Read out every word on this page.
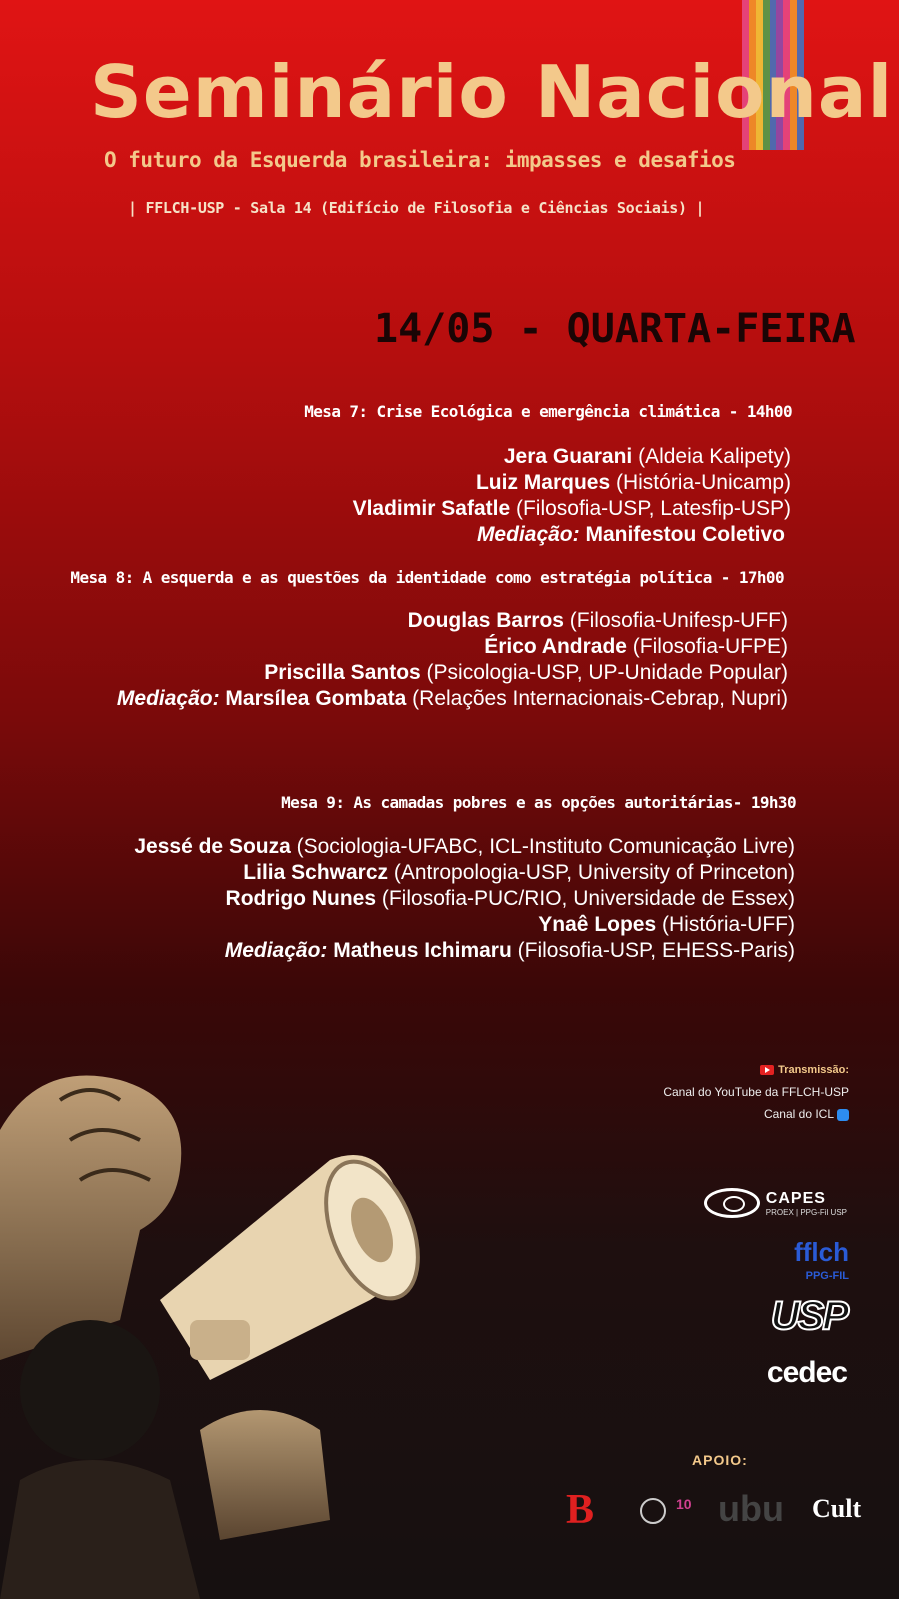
Seminário Nacional
O futuro da Esquerda brasileira: impasses e desafios
| FFLCH-USP - Sala 14 (Edifício de Filosofia e Ciências Sociais) |
14/05 - QUARTA-FEIRA
Mesa 7: Crise Ecológica e emergência climática - 14h00
Jera Guarani (Aldeia Kalipety)
Luiz Marques (História-Unicamp)
Vladimir Safatle (Filosofia-USP, Latesfip-USP)
Mediação: Manifestou Coletivo
Mesa 8: A esquerda e as questões da identidade como estratégia política - 17h00
Douglas Barros (Filosofia-Unifesp-UFF)
Érico Andrade (Filosofia-UFPE)
Priscilla Santos (Psicologia-USP, UP-Unidade Popular)
Mediação: Marsílea Gombata (Relações Internacionais-Cebrap, Nupri)
Mesa 9: As camadas pobres e as opções autoritárias- 19h30
Jessé de Souza (Sociologia-UFABC, ICL-Instituto Comunicação Livre)
Lilia Schwarcz (Antropologia-USP, University of Princeton)
Rodrigo Nunes (Filosofia-PUC/RIO, Universidade de Essex)
Ynaê Lopes (História-UFF)
Mediação: Matheus Ichimaru (Filosofia-USP, EHESS-Paris)
Transmissão:
Canal do YouTube da FFLCH-USP
Canal do ICL
CAPES
PROEX | PPG-Fil USP
fflch
PPG-FIL
USP
cedec
APOIO:
B	10 ubu Cult
